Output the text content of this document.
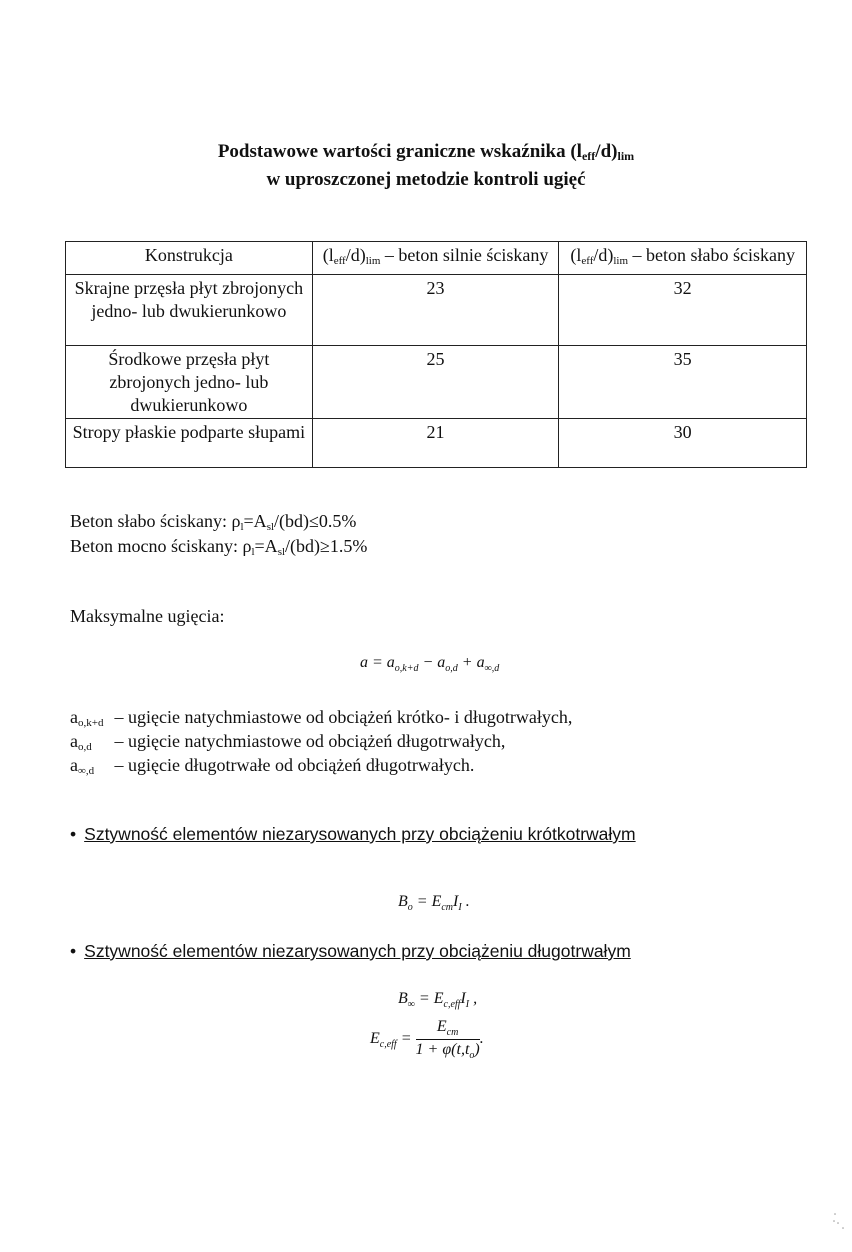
Podstawowe wartości graniczne wskaźnika $(l_{eff}/d)_{lim}$
w uproszczonej metodzie kontroli ugięć
Konstrukcja	$(l_{eff}/d)_{lim}$ – beton silnie ściskany	$(l_{eff}/d)_{lim}$ – beton słabo ściskany
Skrajne przęsła płyt zbrojonych jedno- lub dwukierunkowo	23	32
Środkowe przęsła płyt zbrojonych jedno- lub dwukierunkowo	25	35
Stropy płaskie podparte słupami	21	30
Beton słabo ściskany: $\rho_l=A_{sl}/(bd)\le 0.5\%$
Beton mocno ściskany: $\rho_l=A_{sl}/(bd)\ge 1.5\%$
Maksymalne ugięcia:
$a = a_{o,k+d} - a_{o,d} + a_{\infty,d}$
$a_{o,k+d}$ – ugięcie natychmiastowe od obciążeń krótko- i długotrwałych,
$a_{o,d}$ – ugięcie natychmiastowe od obciążeń długotrwałych,
$a_{\infty,d}$ – ugięcie długotrwałe od obciążeń długotrwałych.
• Sztywność elementów niezarysowanych przy obciążeniu krótkotrwałym
$B_o = E_{cm}I_I$ .
• Sztywność elementów niezarysowanych przy obciążeniu długotrwałym
$B_\infty = E_{c,eff}I_I$ ,
$E_{c,eff} = \frac{E_{cm}}{1 + \varphi(t,t_o)}$ .
